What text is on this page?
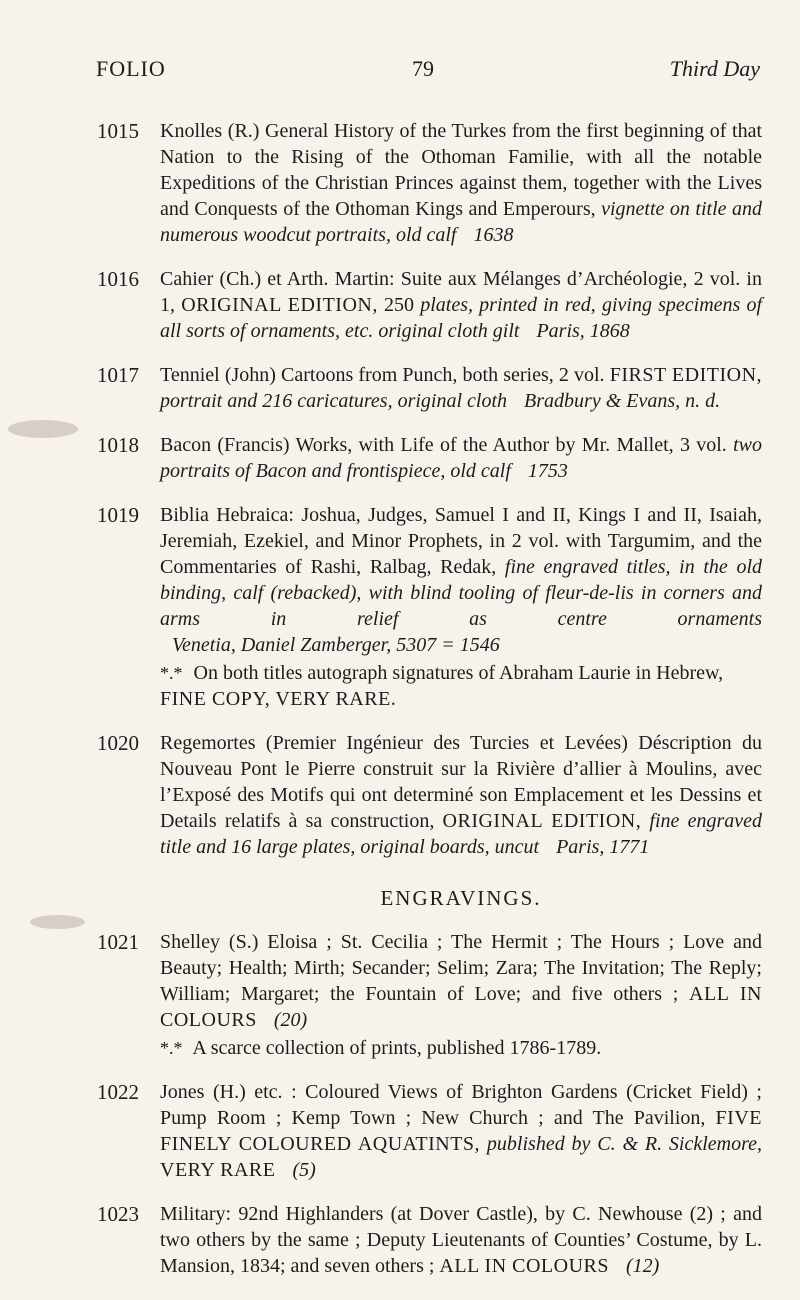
FOLIO	79	Third Day
1015	Knolles (R.) General History of the Turkes from the first beginning of that Nation to the Rising of the Othoman Familie, with all the notable Expeditions of the Christian Princes against them, together with the Lives and Conquests of the Othoman Kings and Emperours, vignette on title and numerous woodcut portraits, old calf 1638
1016	Cahier (Ch.) et Arth. Martin: Suite aux Mélanges d’Archéologie, 2 vol. in 1, ORIGINAL EDITION, 250 plates, printed in red, giving specimens of all sorts of ornaments, etc. original cloth gilt Paris, 1868
1017	Tenniel (John) Cartoons from Punch, both series, 2 vol. FIRST EDITION, portrait and 216 caricatures, original cloth Bradbury & Evans, n. d.
1018	Bacon (Francis) Works, with Life of the Author by Mr. Mallet, 3 vol. two portraits of Bacon and frontispiece, old calf 1753
1019	Biblia Hebraica: Joshua, Judges, Samuel I and II, Kings I and II, Isaiah, Jeremiah, Ezekiel, and Minor Prophets, in 2 vol. with Targumim, and the Commentaries of Rashi, Ralbag, Redak, fine engraved titles, in the old binding, calf (rebacked), with blind tooling of fleur-de-lis in corners and arms in relief as centre ornaments Venetia, Daniel Zamberger, 5307 = 1546
*.* On both titles autograph signatures of Abraham Laurie in Hebrew, FINE COPY, VERY RARE.
1020	Regemortes (Premier Ingénieur des Turcies et Levées) Déscription du Nouveau Pont le Pierre construit sur la Rivière d’allier à Moulins, avec l’Exposé des Motifs qui ont determiné son Emplacement et les Dessins et Details relatifs à sa construction, ORIGINAL EDITION, fine engraved title and 16 large plates, original boards, uncut Paris, 1771
ENGRAVINGS.
1021	Shelley (S.) Eloisa ; St. Cecilia ; The Hermit ; The Hours ; Love and Beauty; Health; Mirth; Secander; Selim; Zara; The Invitation; The Reply; William; Margaret; the Fountain of Love; and five others ; ALL IN COLOURS (20)
*.* A scarce collection of prints, published 1786-1789.
1022	Jones (H.) etc. : Coloured Views of Brighton Gardens (Cricket Field) ; Pump Room ; Kemp Town ; New Church ; and The Pavilion, FIVE FINELY COLOURED AQUATINTS, published by C. & R. Sicklemore, VERY RARE (5)
1023	Military: 92nd Highlanders (at Dover Castle), by C. Newhouse (2) ; and two others by the same ; Deputy Lieutenants of Counties’ Costume, by L. Mansion, 1834; and seven others ; ALL IN COLOURS (12)
